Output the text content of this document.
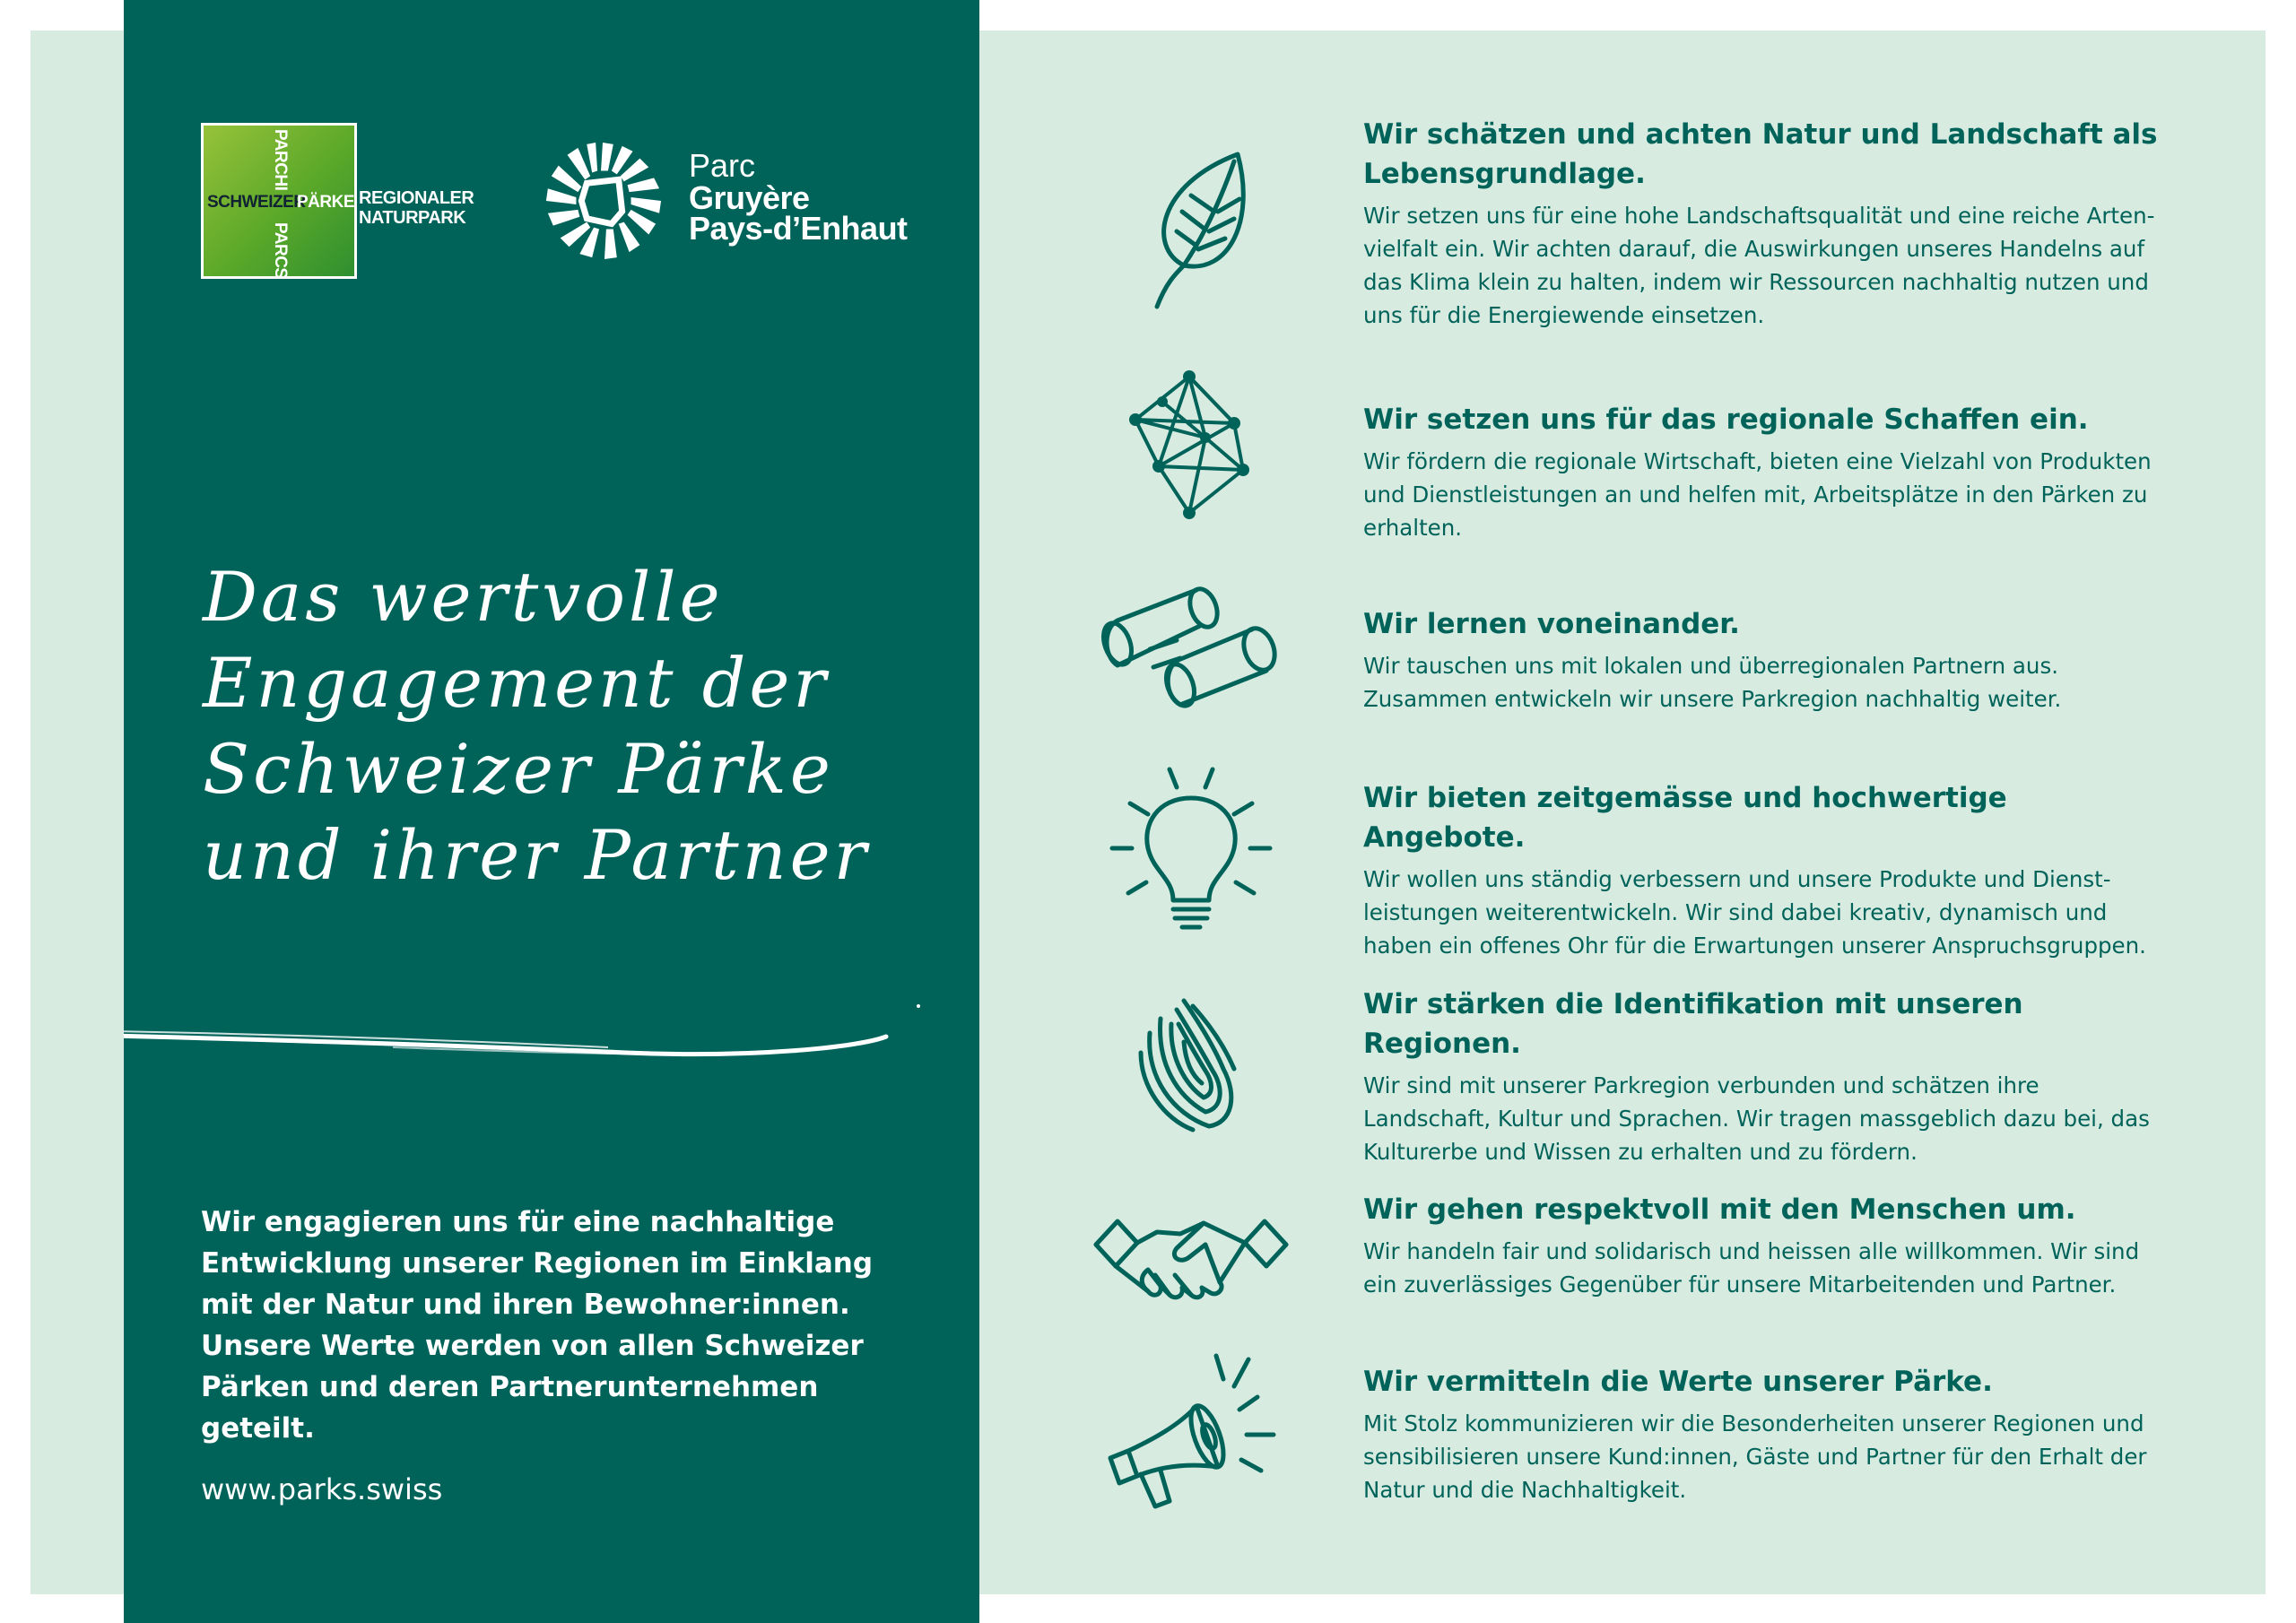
SCHWEIZER
PÄRKE
PARCHI
PARCS
REGIONALER
NATURPARK
Parc
Gruyère
Pays-d’Enhaut
Das wertvolle
Engagement der
Schweizer Pärke
und ihrer Partner
Wir engagieren uns für eine nachhaltige Entwicklung unserer Regionen im Einklang mit der Natur und ihren Bewohner:innen. Unsere Werte werden von allen Schweizer Pärken und deren Partnerunternehmen geteilt.
www.parks.swiss
Wir schätzen und achten Natur und Landschaft als Lebensgrundlage.

Wir setzen uns für eine hohe Landschaftsqualität und eine reiche Arten-vielfalt ein. Wir achten darauf, die Auswirkungen unseres Handelns auf das Klima klein zu halten, indem wir Ressourcen nachhaltig nutzen und uns für die Energiewende einsetzen.

Wir setzen uns für das regionale Schaffen ein.

Wir fördern die regionale Wirtschaft, bieten eine Vielzahl von Produkten und Dienstleistungen an und helfen mit, Arbeitsplätze in den Pärken zu erhalten.

Wir lernen voneinander.

Wir tauschen uns mit lokalen und überregionalen Partnern aus. Zusammen entwickeln wir unsere Parkregion nachhaltig weiter.

Wir bieten zeitgemässe und hochwertige Angebote.

Wir wollen uns ständig verbessern und unsere Produkte und Dienst-leistungen weiterentwickeln. Wir sind dabei kreativ, dynamisch und haben ein offenes Ohr für die Erwartungen unserer Anspruchsgruppen.

Wir stärken die Identifikation mit unseren Regionen.

Wir sind mit unserer Parkregion verbunden und schätzen ihre Landschaft, Kultur und Sprachen. Wir tragen massgeblich dazu bei, das Kulturerbe und Wissen zu erhalten und zu fördern.

Wir gehen respektvoll mit den Menschen um.

Wir handeln fair und solidarisch und heissen alle willkommen. Wir sind ein zuverlässiges Gegenüber für unsere Mitarbeitenden und Partner.

Wir vermitteln die Werte unserer Pärke.

Mit Stolz kommunizieren wir die Besonderheiten unserer Regionen und sensibilisieren unsere Kund:innen, Gäste und Partner für den Erhalt der Natur und die Nachhaltigkeit.
